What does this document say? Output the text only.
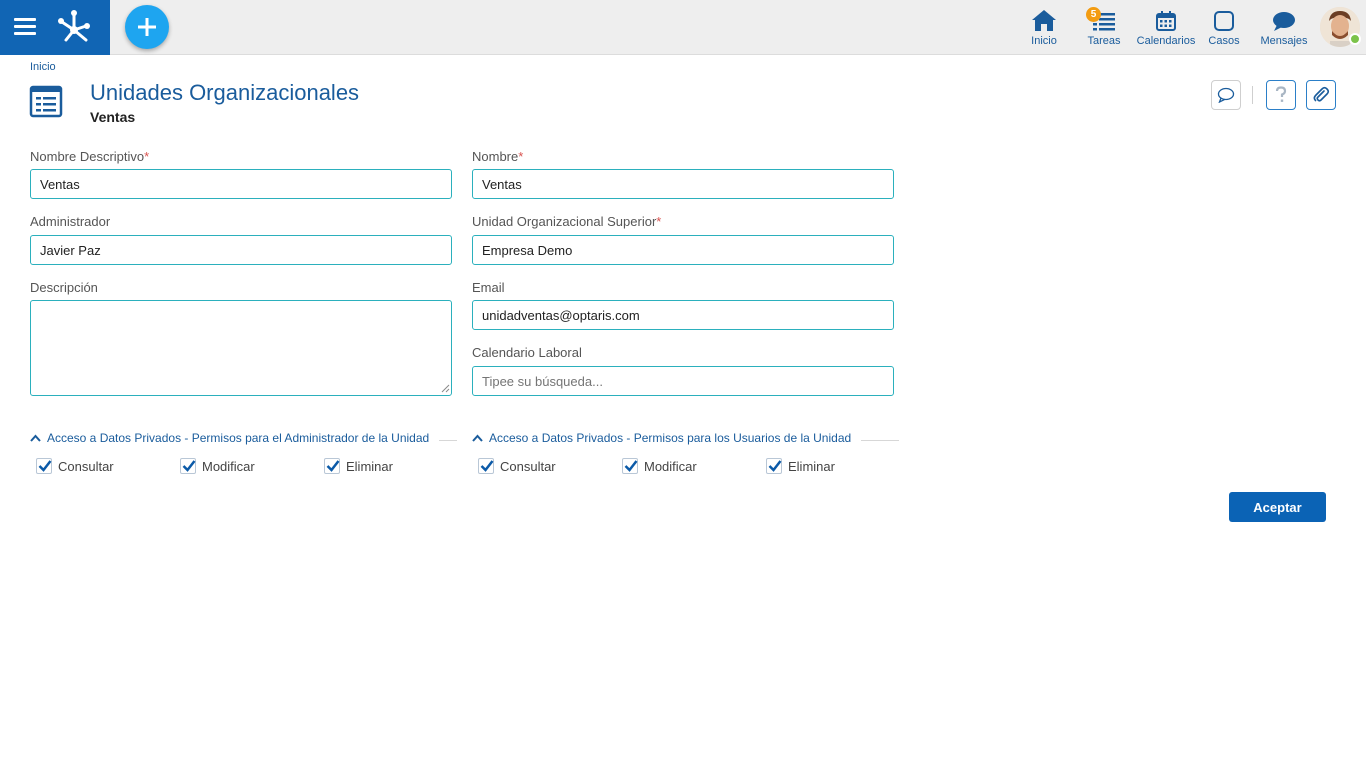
Inicio
5
Tareas	Calendarios Casos Mensajes
Inicio
Unidades Organizacionales
Ventas
Nombre Descriptivo*
Ventas
Administrador
Javier Paz
Descripción
Nombre*
Ventas
Unidad Organizacional Superior*
Empresa Demo
Email
unidadventas@optaris.com
Calendario Laboral
Tipee su búsqueda...
Acceso a Datos Privados - Permisos para el Administrador de la Unidad
Consultar	Modificar	Eliminar
Acceso a Datos Privados - Permisos para los Usuarios de la Unidad
Consultar	Modificar	Eliminar
Aceptar
